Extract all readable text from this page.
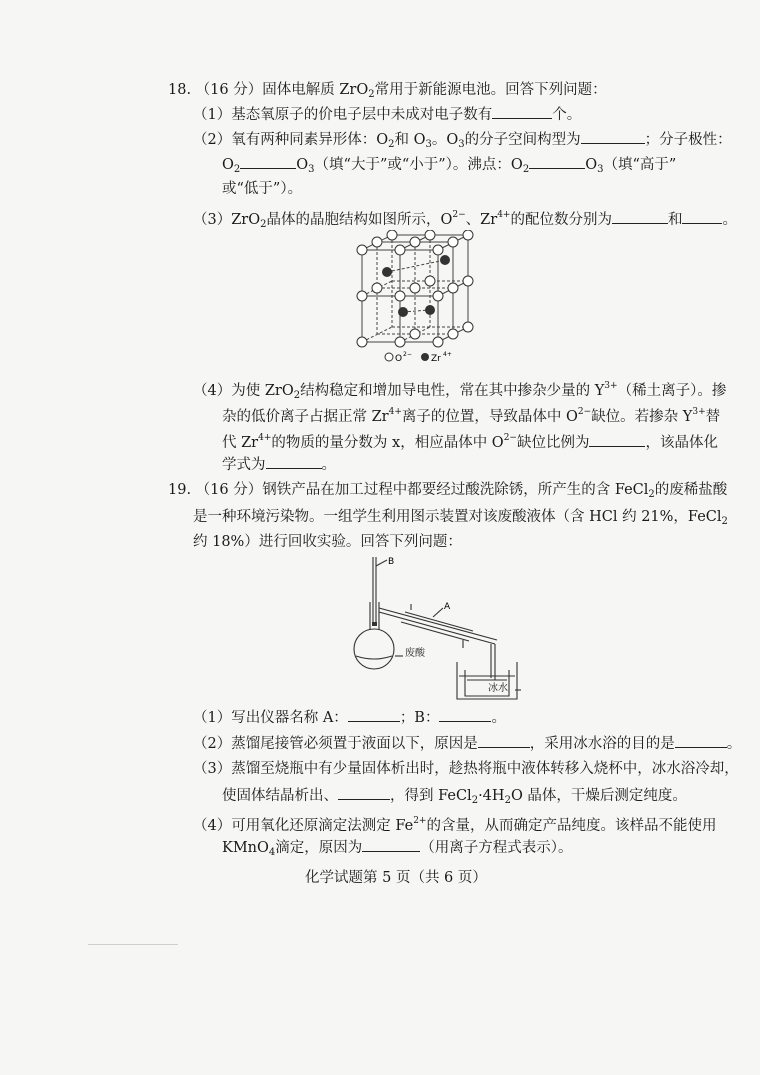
18. （16 分）固体电解质 ZrO$_2$常用于新能源电池。回答下列问题：
（1）基态氧原子的价电子层中未成对电子数有	个。
（2）氧有两种同素异形体：$O_2$和 $O_3$。$O_3$的分子空间构型为	；分子极性：
$O_2$	$O_3$（填“大于”或“小于”）。沸点：$O_2$	$O_3$（填“高于”
或“低于”）。
（3）ZrO$_2$晶体的晶胞结构如图所示，$O^{2-}$、$Zr^{4+}$的配位数分别为	和	。
O 2− Zr 4+
（4）为使 ZrO$_2$结构稳定和增加导电性，常在其中掺杂少量的 $Y^{3+}$（稀土离子）。掺
杂的低价离子占据正常 $Zr^{4+}$离子的位置，导致晶体中 $O^{2-}$缺位。若掺杂 $Y^{3+}$替
代 $Zr^{4+}$的物质的量分数为 x，相应晶体中 $O^{2-}$缺位比例为	，该晶体化
学式为	。
19. （16 分）钢铁产品在加工过程中都要经过酸洗除锈，所产生的含 FeCl$_2$的废稀盐酸
是一种环境污染物。一组学生利用图示装置对该废酸液体（含 HCl 约 21%，FeCl$_2$
约 18%）进行回收实验。回答下列问题：
B
A
废酸
冰水
（1）写出仪器名称 A：	；B：	。
（2）蒸馏尾接管必须置于液面以下，原因是	，采用冰水浴的目的是	。
（3）蒸馏至烧瓶中有少量固体析出时，趁热将瓶中液体转移入烧杯中，冰水浴冷却，
使固体结晶析出、	，得到 $FeCl_2\cdot 4H_2O$ 晶体，干燥后测定纯度。
（4）可用氧化还原滴定法测定 $Fe^{2+}$的含量，从而确定产品纯度。该样品不能使用
KMnO$_4$滴定，原因为	（用离子方程式表示）。
化学试题第 5 页（共 6 页）
